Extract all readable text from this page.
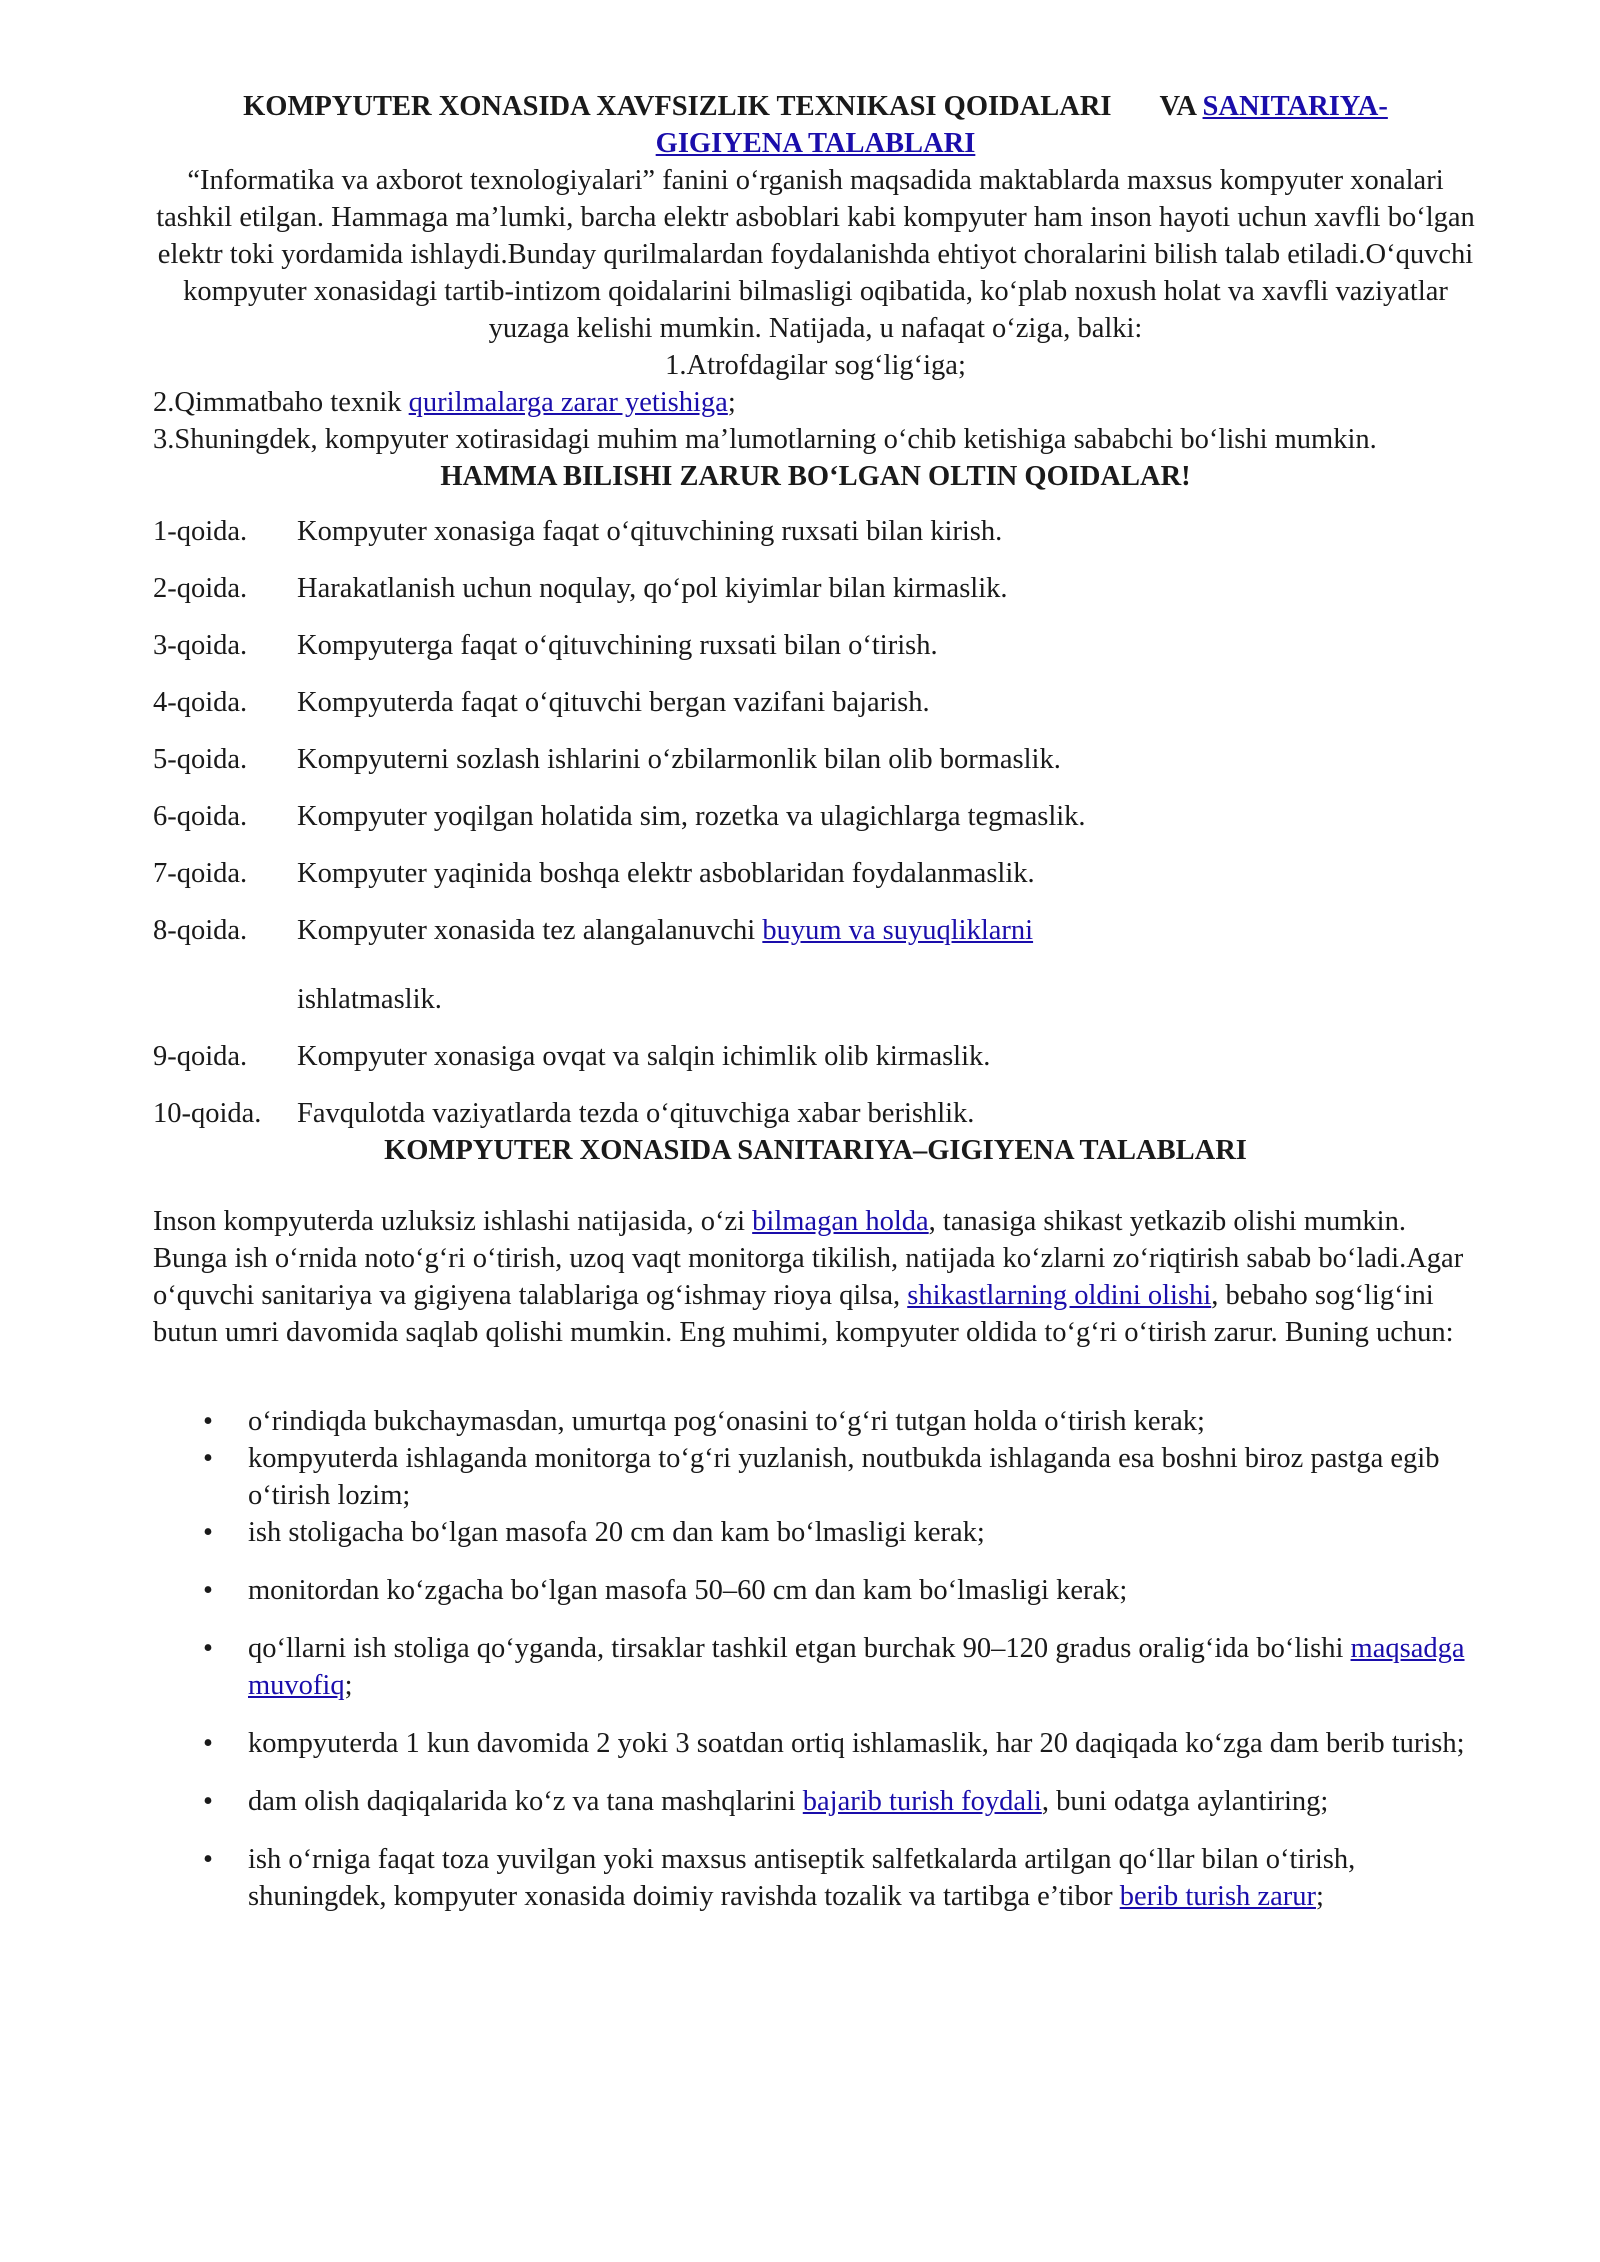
KOMPYUTER XONASIDA XAVFSIZLIK TEXNIKASI QOIDALARI VA SANITARIYA-
GIGIYENA TALABLARI

“Informatika va axborot texnologiyalari” fanini o‘rganish maqsadida maktablarda maxsus kompyuter xonalari tashkil etilgan. Hammaga ma’lumki, barcha elektr asboblari kabi kompyuter ham inson hayoti uchun xavfli bo‘lgan elektr toki yordamida ishlaydi.Bunday qurilmalardan foydalanishda ehtiyot choralarini bilish talab etiladi.O‘quvchi kompyuter xonasidagi tartib-intizom qoidalarini bilmasligi oqibatida, ko‘plab noxush holat va xavfli vaziyatlar yuzaga kelishi mumkin. Natijada, u nafaqat o‘ziga, balki:

1.Atrofdagilar sog‘lig‘iga;

2.Qimmatbaho texnik qurilmalarga zarar yetishiga;

3.Shuningdek, kompyuter xotirasidagi muhim ma’lumotlarning o‘chib ketishiga sababchi bo‘lishi mumkin.

HAMMA BILISHI ZARUR BO‘LGAN OLTIN QOIDALAR!
1-qoida.	Kompyuter xonasiga faqat o‘qituvchining ruxsati bilan kirish.
2-qoida.	Harakatlanish uchun noqulay, qo‘pol kiyimlar bilan kirmaslik.
3-qoida.	Kompyuterga faqat o‘qituvchining ruxsati bilan o‘tirish.
4-qoida.	Kompyuterda faqat o‘qituvchi bergan vazifani bajarish.
5-qoida.	Kompyuterni sozlash ishlarini o‘zbilarmonlik bilan olib bormaslik.
6-qoida.	Kompyuter yoqilgan holatida sim, rozetka va ulagichlarga tegmaslik.
7-qoida.	Kompyuter yaqinida boshqa elektr asboblaridan foydalanmaslik.
8-qoida.	Kompyuter xonasida tez alangalanuvchi buyum va suyuqliklarni
ishlatmaslik.
9-qoida.	Kompyuter xonasiga ovqat va salqin ichimlik olib kirmaslik.
10-qoida.	Favqulotda vaziyatlarda tezda o‘qituvchiga xabar berishlik.
KOMPYUTER XONASIDA SANITARIYA–GIGIYENA TALABLARI

Inson kompyuterda uzluksiz ishlashi natijasida, o‘zi bilmagan holda, tanasiga shikast yetkazib olishi mumkin. Bunga ish o‘rnida noto‘g‘ri o‘tirish, uzoq vaqt monitorga tikilish, natijada ko‘zlarni zo‘riqtirish sabab bo‘ladi.Agar o‘quvchi sanitariya va gigiyena talablariga og‘ishmay rioya qilsa, shikastlarning oldini olishi, bebaho sog‘lig‘ini butun umri davomida saqlab qolishi mumkin. Eng muhimi, kompyuter oldida to‘g‘ri o‘tirish zarur. Buning uchun:

• o‘rindiqda bukchaymasdan, umurtqa pog‘onasini to‘g‘ri tutgan holda o‘tirish kerak;
• kompyuterda ishlaganda monitorga to‘g‘ri yuzlanish, noutbukda ishlaganda esa boshni biroz pastga egib o‘tirish lozim;
• ish stoligacha bo‘lgan masofa 20 cm dan kam bo‘lmasligi kerak;
• monitordan ko‘zgacha bo‘lgan masofa 50–60 cm dan kam bo‘lmasligi kerak;
• qo‘llarni ish stoliga qo‘yganda, tirsaklar tashkil etgan burchak 90–120 gradus oralig‘ida bo‘lishi maqsadga muvofiq;
• kompyuterda 1 kun davomida 2 yoki 3 soatdan ortiq ishlamaslik, har 20 daqiqada ko‘zga dam berib turish;
• dam olish daqiqalarida ko‘z va tana mashqlarini bajarib turish foydali, buni odatga aylantiring;
• ish o‘rniga faqat toza yuvilgan yoki maxsus antiseptik salfetkalarda artilgan qo‘llar bilan o‘tirish, shuningdek, kompyuter xonasida doimiy ravishda tozalik va tartibga e’tibor berib turish zarur;
